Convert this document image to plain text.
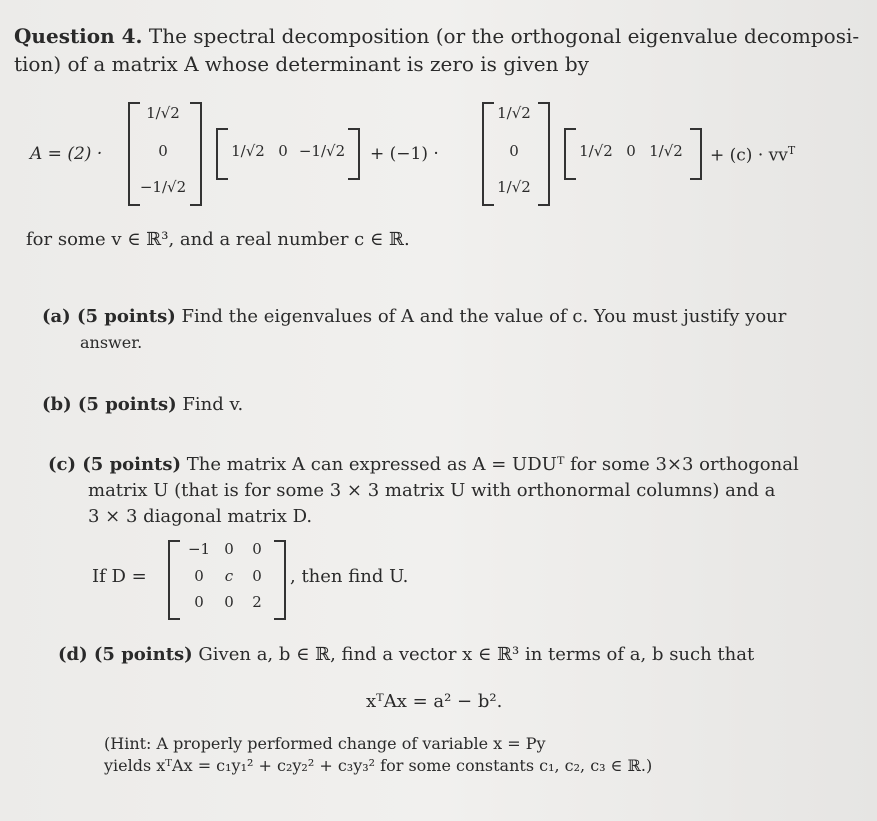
Question 4. The spectral decomposition (or the orthogonal eigenvalue decomposi-
tion) of a matrix A whose determinant is zero is given by
A = (2) ·
1/√2
0
−1/√2
1/√2 0 −1/√2 + (−1) ·
1/√2
0
1/√2
1/√2 0 1/√2	+ $(c) \cdot vv^T$
for some v ∈ ℝ³, and a real number c ∈ ℝ.
(a) (5 points) Find the eigenvalues of A and the value of c. You must justify your
answer.
(b) (5 points) Find v.
(c) (5 points) The matrix A can expressed as A = UDUᵀ for some 3×3 orthogonal
matrix U (that is for some 3 × 3 matrix U with orthonormal columns) and a
3 × 3 diagonal matrix D.
If D =
−1 0	0
0	c	0
0	0	2
, then find U.
(d) (5 points) Given a, b ∈ ℝ, find a vector x ∈ ℝ³ in terms of a, b such that
xᵀAx = a² − b².
(Hint: A properly performed change of variable x = Py
yields xᵀAx = c₁y₁² + c₂y₂² + c₃y₃² for some constants c₁, c₂, c₃ ∈ ℝ.)
